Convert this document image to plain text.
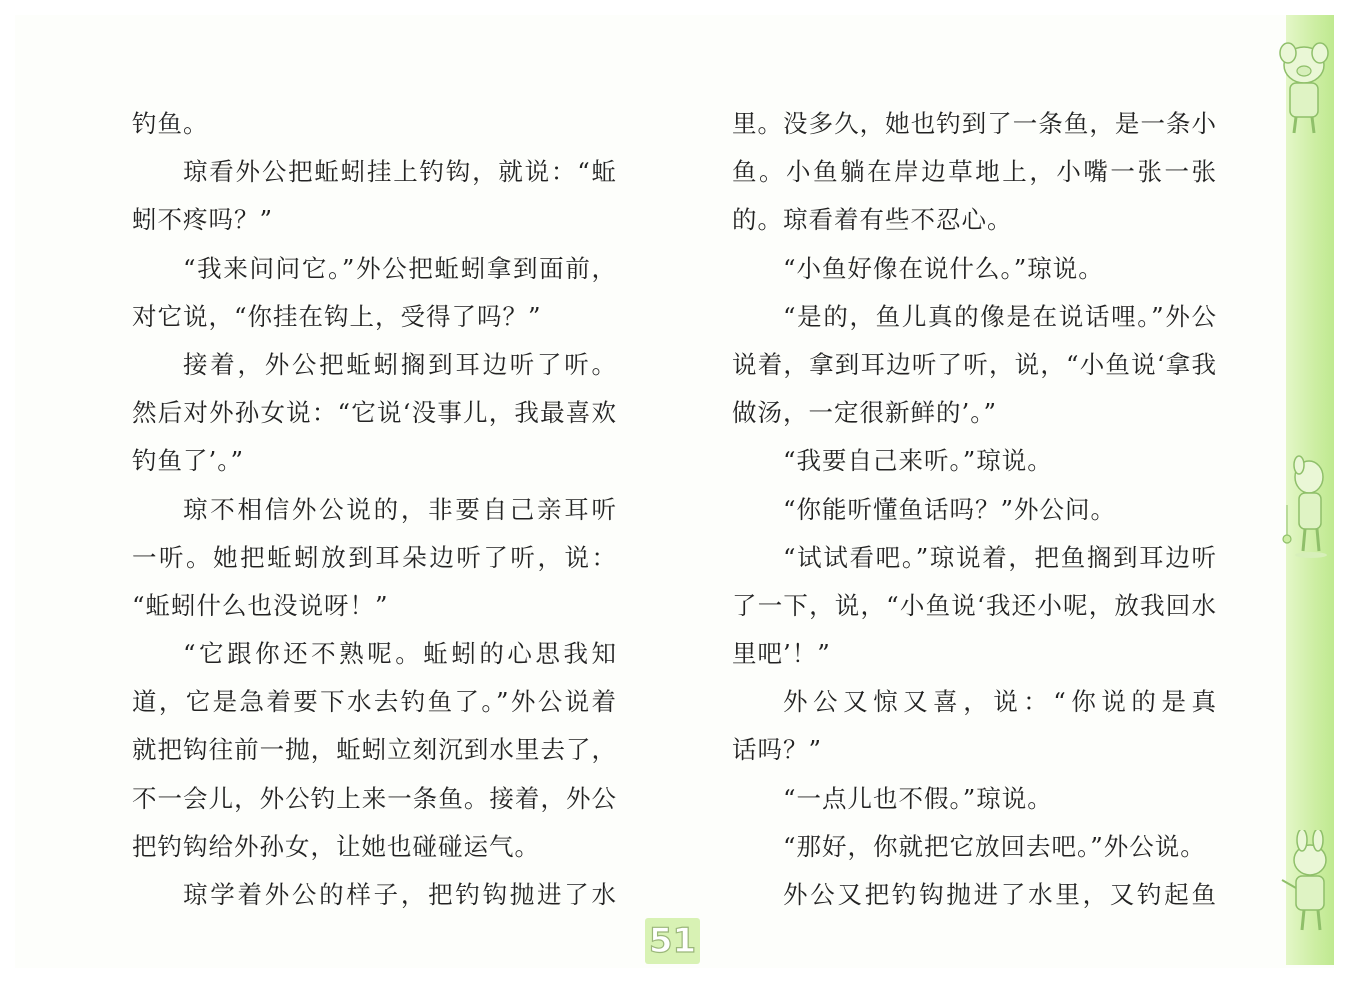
钓鱼。
琼看外公把蚯蚓挂上钓钩，就说：“蚯
蚓不疼吗？”
“我来问问它。”外公把蚯蚓拿到面前，
对它说，“你挂在钩上，受得了吗？”
接着，外公把蚯蚓搁到耳边听了听。
然后对外孙女说：“它说‘没事儿，我最喜欢
钓鱼了’。”
琼不相信外公说的，非要自己亲耳听
一听。她把蚯蚓放到耳朵边听了听，说：
“蚯蚓什么也没说呀！”
“它跟你还不熟呢。蚯蚓的心思我知
道，它是急着要下水去钓鱼了。”外公说着
就把钩往前一抛，蚯蚓立刻沉到水里去了，
不一会儿，外公钓上来一条鱼。接着，外公
把钓钩给外孙女，让她也碰碰运气。
琼学着外公的样子，把钓钩抛进了水
里。没多久，她也钓到了一条鱼，是一条小
鱼。小鱼躺在岸边草地上，小嘴一张一张
的。琼看着有些不忍心。
“小鱼好像在说什么。”琼说。
“是的，鱼儿真的像是在说话哩。”外公
说着，拿到耳边听了听，说，“小鱼说‘拿我
做汤，一定很新鲜的’。”
“我要自己来听。”琼说。
“你能听懂鱼话吗？”外公问。
“试试看吧。”琼说着，把鱼搁到耳边听
了一下，说，“小鱼说‘我还小呢，放我回水
里吧’！”
外公又惊又喜，说：“你说的是真
话吗？”
“一点儿也不假。”琼说。
“那好，你就把它放回去吧。”外公说。
外公又把钓钩抛进了水里，又钓起鱼
51
